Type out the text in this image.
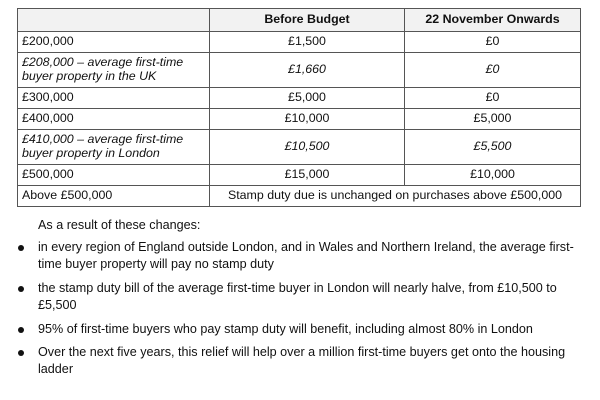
	Before Budget	22 November Onwards
£200,000	£1,500	£0
£208,000 – average first-time buyer property in the UK	£1,660	£0
£300,000	£5,000	£0
£400,000	£10,000	£5,000
£410,000 – average first-time buyer property in London	£10,500	£5,500
£500,000	£15,000	£10,000
Above £500,000	Stamp duty due is unchanged on purchases above £500,000	
As a result of these changes:
in every region of England outside London, and in Wales and Northern Ireland, the average first-time buyer property will pay no stamp duty
the stamp duty bill of the average first-time buyer in London will nearly halve, from £10,500 to £5,500
95% of first-time buyers who pay stamp duty will benefit, including almost 80% in London
Over the next five years, this relief will help over a million first-time buyers get onto the housing ladder
